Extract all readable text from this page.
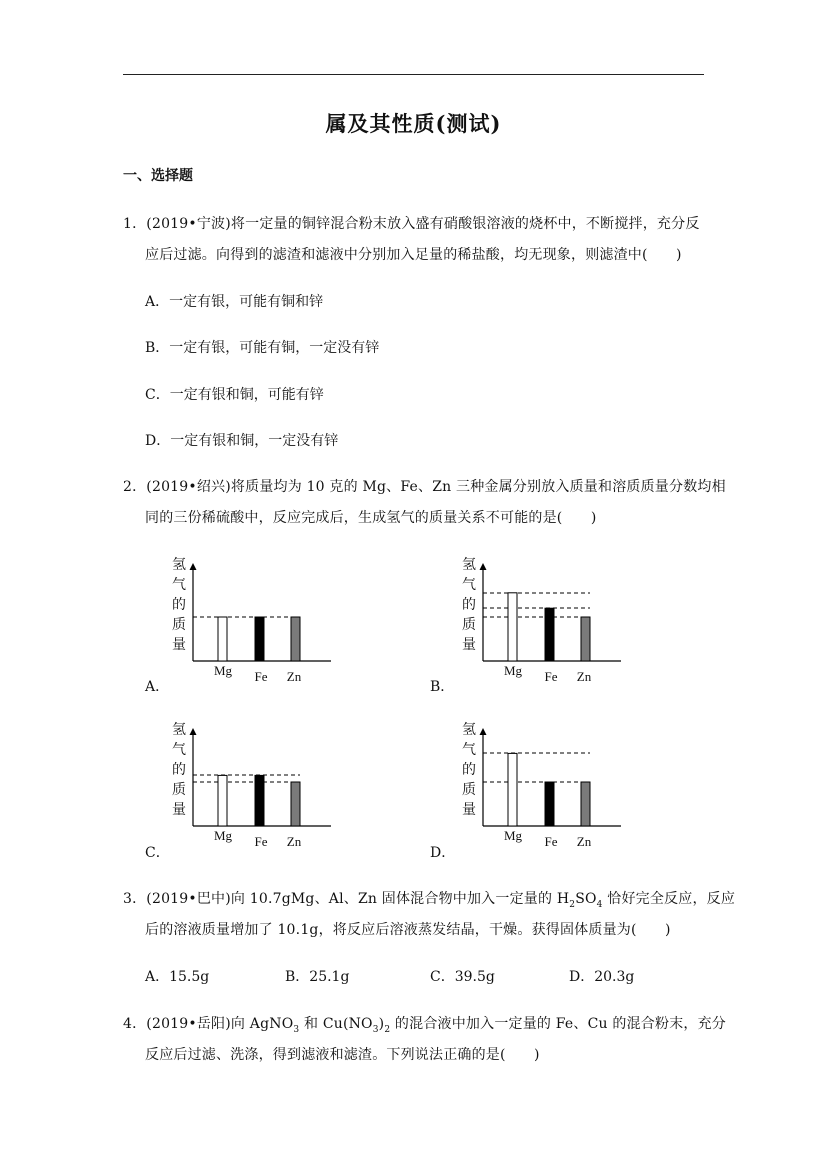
属及其性质(测试)
一、选择题
1．(2019•宁波)将一定量的铜锌混合粉末放入盛有硝酸银溶液的烧杯中，不断搅拌，充分反
应后过滤。向得到的滤渣和滤液中分别加入足量的稀盐酸，均无现象，则滤渣中(　　)
A．一定有银，可能有铜和锌
B．一定有银，可能有铜，一定没有锌
C．一定有银和铜，可能有锌
D．一定有银和铜，一定没有锌
2．(2019•绍兴)将质量均为 10 克的 Mg、Fe、Zn 三种金属分别放入质量和溶质质量分数均相
同的三份稀硫酸中，反应完成后，生成氢气的质量关系不可能的是(　　)
氢
气
的
质
量
Mg Fe Zn
氢
气
的
质
量
Mg Fe Zn
氢
气
的
质
量
Mg Fe Zn
氢
气
的
质
量
Mg Fe Zn
A．	B．
C．	D．
3．(2019•巴中)向 10.7gMg、Al、Zn 固体混合物中加入一定量的 $H_2SO_4$ 恰好完全反应，反应
后的溶液质量增加了 10.1g，将反应后溶液蒸发结晶，干燥。获得固体质量为(　　)
A．15.5g	B．25.1g	C．39.5g	D．20.3g
4．(2019•岳阳)向 AgNO$_3$ 和 $Cu(NO_3)_2$ 的混合液中加入一定量的 Fe、Cu 的混合粉末，充分
反应后过滤、洗涤，得到滤液和滤渣。下列说法正确的是(　　)
